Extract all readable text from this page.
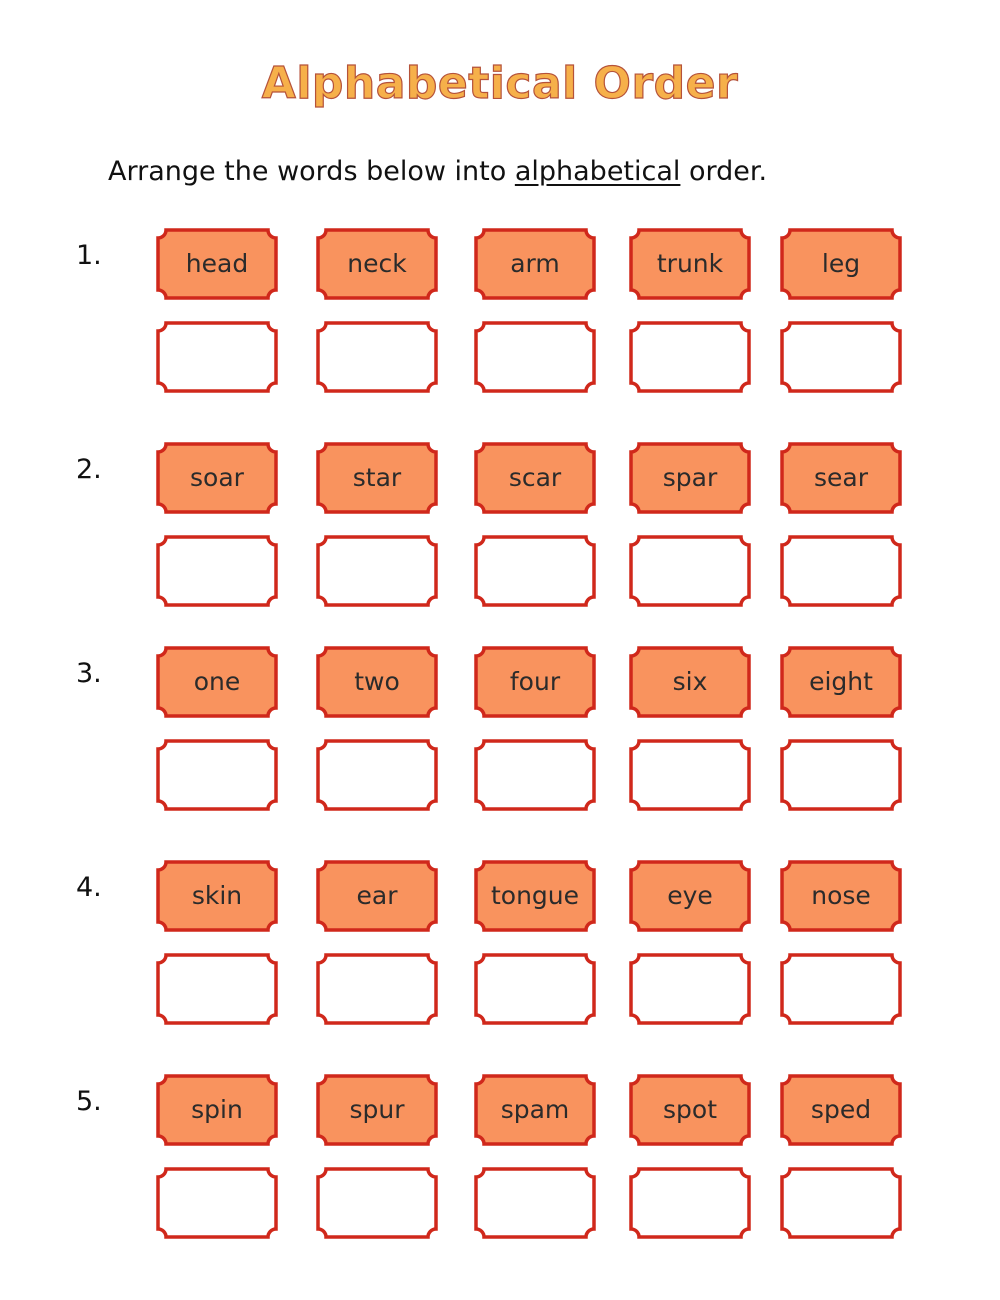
Alphabetical Order
Arrange the words below into alphabetical order.
1.	head	neck	arm	trunk	leg
2.	soar	star	scar	spar	sear
3.	one	two	four	six	eight
4.	skin	ear	tongue	eye	nose
5.	spin	spur	spam	spot	sped
